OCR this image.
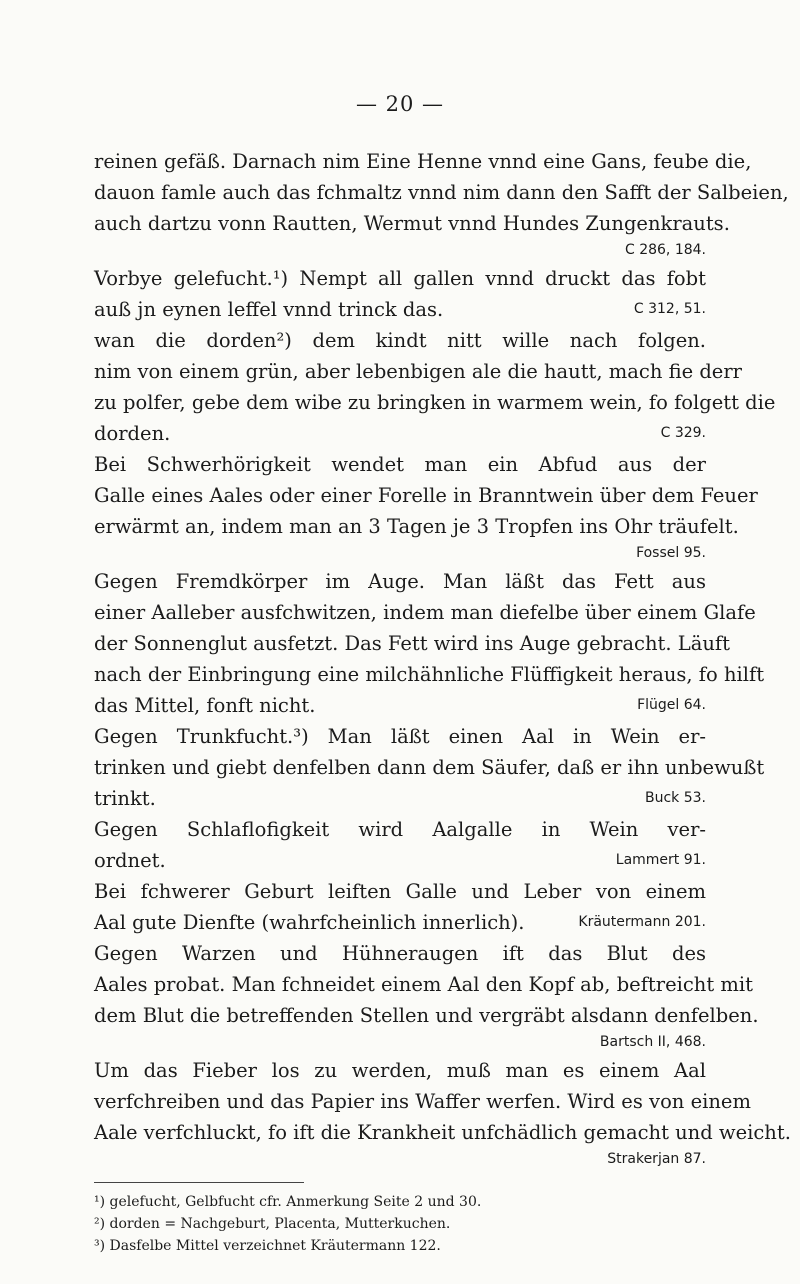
— 20 —
reinen gefäß. Darnach nim Eine Henne vnnd eine Gans, feube die,
dauon famle auch das fchmaltz vnnd nim dann den Safft der Salbeien,
auch dartzu vonn Rautten, Wermut vnnd Hundes Zungenkrauts.
C 286, 184.
Vorbye gelefucht.¹) Nempt all gallen vnnd druckt das fobt
auß jn eynen leffel vnnd trinck das.	C 312, 51.
wan die dorden²) dem kindt nitt wille nach folgen.
nim von einem grün, aber lebenbigen ale die hautt, mach fie derr
zu polfer, gebe dem wibe zu bringken in warmem wein, fo folgett die
dorden.	C 329.
Bei Schwerhörigkeit wendet man ein Abfud aus der
Galle eines Aales oder einer Forelle in Branntwein über dem Feuer
erwärmt an, indem man an 3 Tagen je 3 Tropfen ins Ohr träufelt.
Fossel 95.
Gegen Fremdkörper im Auge. Man läßt das Fett aus
einer Aalleber ausfchwitzen, indem man diefelbe über einem Glafe
der Sonnenglut ausfetzt. Das Fett wird ins Auge gebracht. Läuft
nach der Einbringung eine milchähnliche Flüffigkeit heraus, fo hilft
das Mittel, fonft nicht.	Flügel 64.
Gegen Trunkfucht.³) Man läßt einen Aal in Wein er-
trinken und giebt denfelben dann dem Säufer, daß er ihn unbewußt
trinkt.	Buck 53.
Gegen Schlaflofigkeit wird Aalgalle in Wein ver-
ordnet.	Lammert 91.
Bei fchwerer Geburt leiften Galle und Leber von einem
Aal gute Dienfte (wahrfcheinlich innerlich).	Kräutermann 201.
Gegen Warzen und Hühneraugen ift das Blut des
Aales probat. Man fchneidet einem Aal den Kopf ab, beftreicht mit
dem Blut die betreffenden Stellen und vergräbt alsdann denfelben.
Bartsch II, 468.
Um das Fieber los zu werden, muß man es einem Aal
verfchreiben und das Papier ins Waffer werfen. Wird es von einem
Aale verfchluckt, fo ift die Krankheit unfchädlich gemacht und weicht.
Strakerjan 87.
¹) gelefucht, Gelbfucht cfr. Anmerkung Seite 2 und 30.
²) dorden = Nachgeburt, Placenta, Mutterkuchen.
³) Dasfelbe Mittel verzeichnet Kräutermann 122.
